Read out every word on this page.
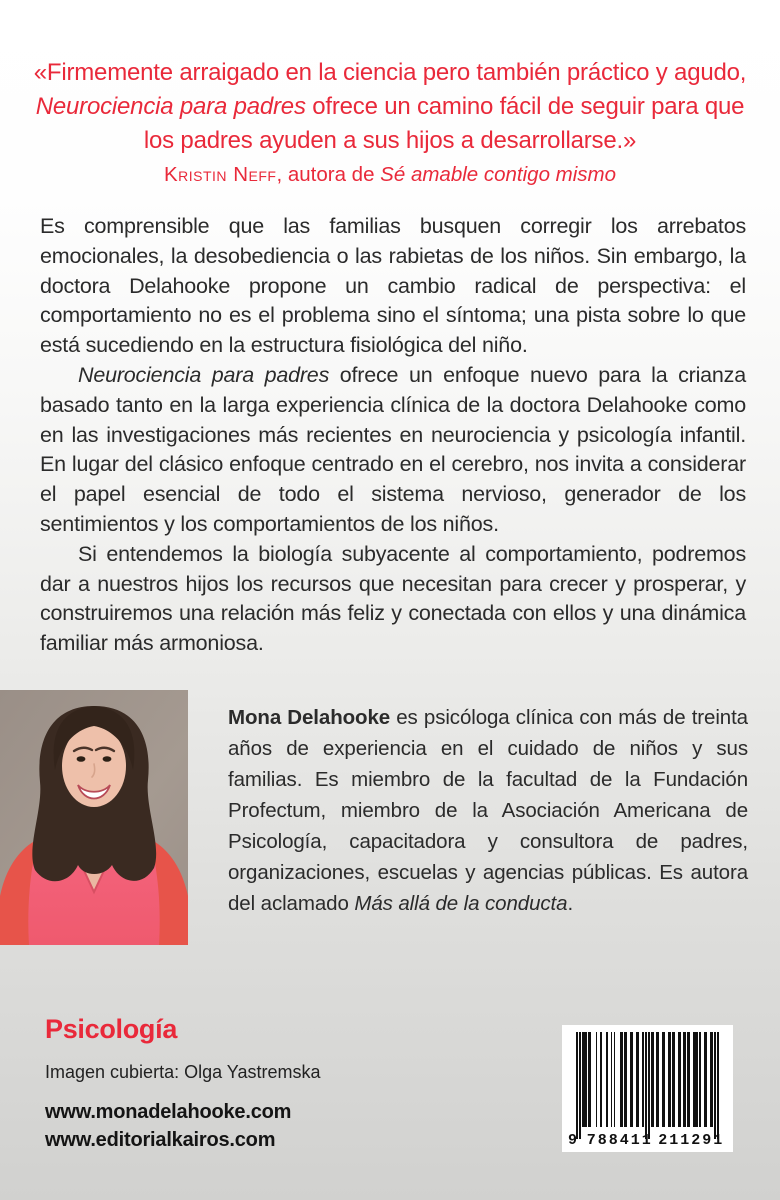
«Firmemente arraigado en la ciencia pero también práctico y agudo, Neurociencia para padres ofrece un camino fácil de seguir para que los padres ayuden a sus hijos a desarrollarse.»
Kristin Neff, autora de Sé amable contigo mismo

Es comprensible que las familias busquen corregir los arrebatos emocionales, la desobediencia o las rabietas de los niños. Sin embargo, la doctora Delahooke propone un cambio radical de perspectiva: el comportamiento no es el problema sino el síntoma; una pista sobre lo que está sucediendo en la estructura fisiológica del niño.

Neurociencia para padres ofrece un enfoque nuevo para la crianza basado tanto en la larga experiencia clínica de la doctora Delahooke como en las investigaciones más recientes en neurociencia y psicología infantil. En lugar del clásico enfoque centrado en el cerebro, nos invita a considerar el papel esencial de todo el sistema nervioso, generador de los sentimientos y los comportamientos de los niños.

Si entendemos la biología subyacente al comportamiento, podremos dar a nuestros hijos los recursos que necesitan para crecer y prosperar, y construiremos una relación más feliz y conectada con ellos y una dinámica familiar más armoniosa.

Mona Delahooke es psicóloga clínica con más de treinta años de experiencia en el cuidado de niños y sus familias. Es miembro de la facultad de la Fundación Profectum, miembro de la Asociación Americana de Psicología, capacitadora y consultora de padres, organizaciones, escuelas y agencias públicas. Es autora del aclamado Más allá de la conducta.
Psicología
Imagen cubierta: Olga Yastremska
www.monadelahooke.com
www.editorialkairos.com	9 788411 211291
